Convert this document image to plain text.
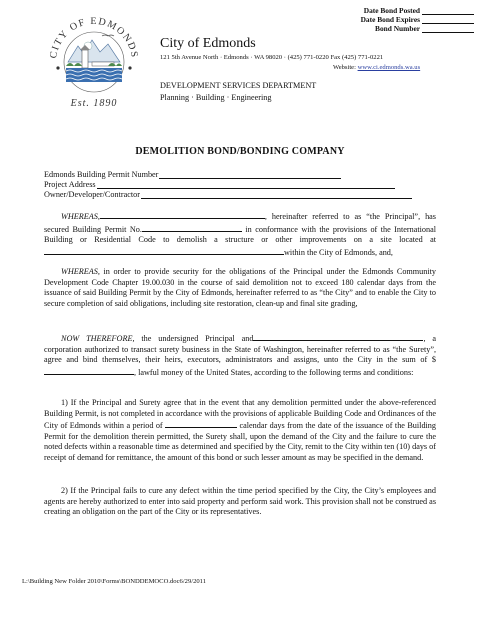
Date Bond Posted
Date Bond Expires
Bond Number
CITY OF EDMONDS
Est. 1890
City of Edmonds
121 5th Avenue North · Edmonds · WA 98020 · (425) 771-0220 Fax (425) 771-0221
Website: www.ci.edmonds.wa.us
DEVELOPMENT SERVICES DEPARTMENT
Planning · Building · Engineering
DEMOLITION BOND/BONDING COMPANY
Edmonds Building Permit Number
Project Address
Owner/Developer/Contractor
WHEREAS,	, hereinafter referred to as “the Principal”, has secured Building Permit No.	in conformance with the provisions of the International Building or Residential Code to demolish a structure or other improvements on a site located at within the City of Edmonds, and,
WHEREAS, in order to provide security for the obligations of the Principal under the Edmonds Community Development Code Chapter 19.00.030 in the course of said demolition not to exceed 180 calendar days from the issuance of said Building Permit by the City of Edmonds, hereinafter referred to as “the City” and to enable the City to secure completion of said obligations, including site restoration, clean-up and final site grading,
NOW THEREFORE, the undersigned Principal and	, a corporation authorized to transact surety business in the State of Washington, hereinafter referred to as “the Surety”, agree and bind themselves, their heirs, executors, administrators and assigns, unto the City in the sum of $, lawful money of the United States, according to the following terms and conditions:
1) If the Principal and Surety agree that in the event that any demolition permitted under the above-referenced Building Permit, is not completed in accordance with the provisions of applicable Building Code and Ordinances of the City of Edmonds within a period of	calendar days from the date of the issuance of the Building Permit for the demolition therein permitted, the Surety shall, upon the demand of the City and the failure to cure the noted defects within a reasonable time as determined and specified by the City, remit to the City within ten (10) days of receipt of demand for remittance, the amount of this bond or such lesser amount as may be specified in the demand.
2) If the Principal fails to cure any defect within the time period specified by the City, the City’s employees and agents are hereby authorized to enter into said property and perform said work. This provision shall not be construed as creating an obligation on the part of the City or its representatives.
L:\Building New Folder 2010\Forms\BONDDEMOCO.doc6/29/2011
